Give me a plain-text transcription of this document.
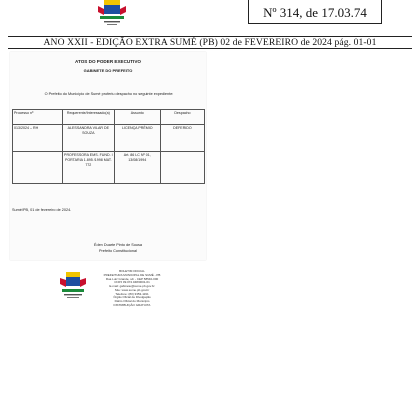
Nº 314, de 17.03.74
ANO XXII - EDIÇÃO EXTRA SUMÉ (PB) 02 de FEVEREIRO de 2024 pág. 01-01
ATOS DO PODER EXECUTIVO
GABINETE DO PREFEITO
O Prefeito do Município de Sumé proferiu despacho no seguinte expediente:
Processo nº	Requerente/Interessado(a)	Assunto	Despacho
013/2024 – RH	ALESSANDRA VILAR DE SOUZA	LICENÇA PRÊMIO	DEFERIDO
	PROFESSORA EMS. FUND. I PORTARIA 1.895 /1998 MAT. 772	Art. 86 LC Nº 01, 13/08/1994	
Sumé/PB, 01 de fevereiro de 2024.
Éden Duarte Pinto de Sousa
Prefeito Constitucional
BOLETIM OFICIAL
PREFEITURA MUNICIPAL DE SUMÉ - PB
Rua Luiz Grande, s/n - CEP 58540-000
CNPJ 09.074.048/0001-61
E-mail: gabinete@sume.pb.gov.br
Site: www.sume.pb.gov.br
Telefone: (83) 3353-1191
Órgão Oficial de Divulgação
Diário Oficial do Município
DISTRIBUIÇÃO GRATUITA
